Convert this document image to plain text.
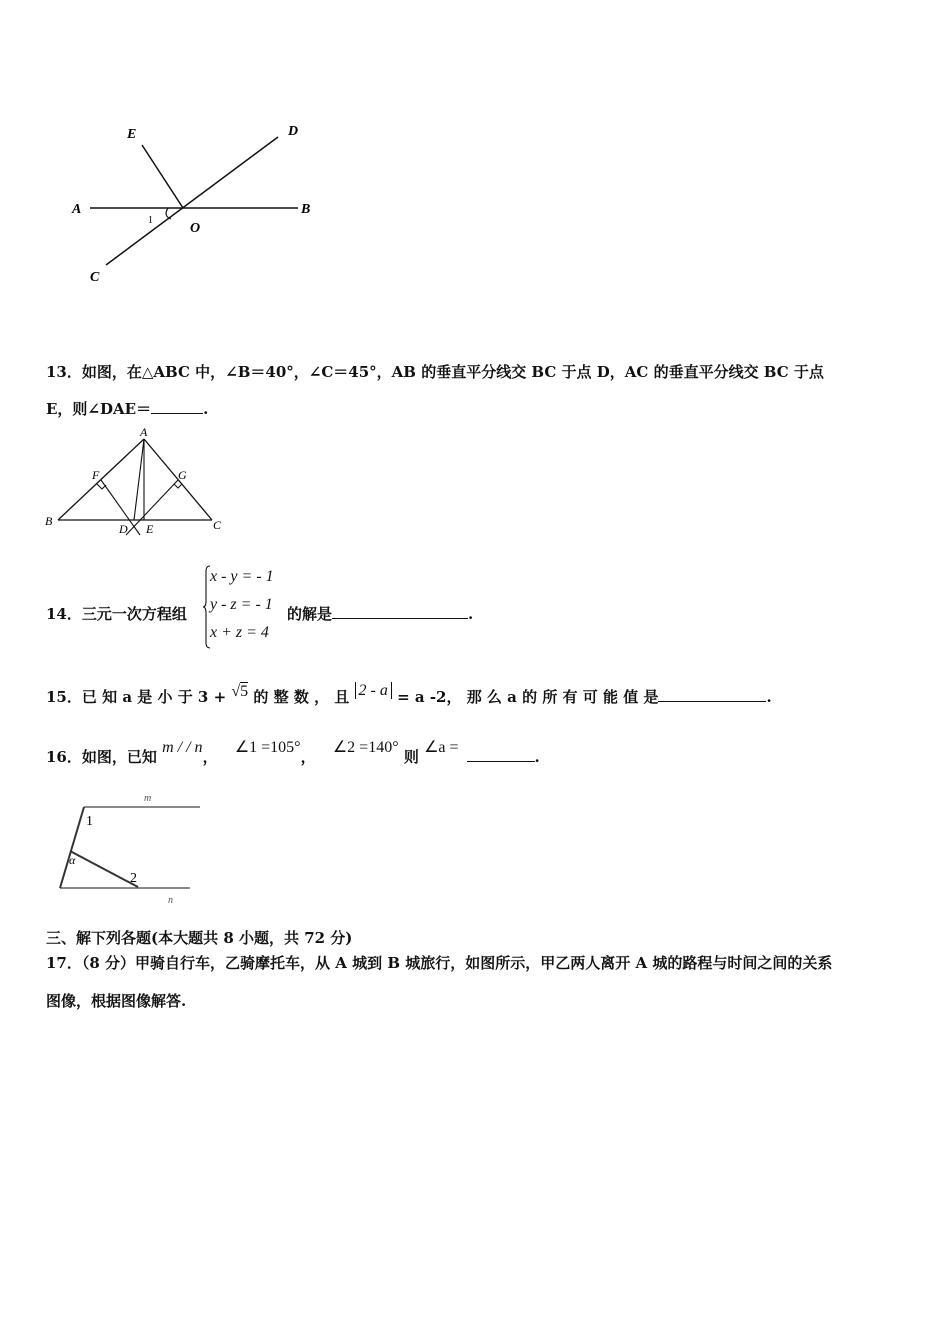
E	D
A	B
O
C
1
13．如图，在△ABC 中，∠B＝40°，∠C＝45°，AB 的垂直平分线交 BC 于点 D，AC 的垂直平分线交 BC 于点
E，则∠DAE＝	.
A
B	C
D E
F	G
14．三元一次方程组
x - y = - 1
y - z = - 1
x + z = 4
的解是	.
15．已 知 a 是 小 于 3 + √5 的 整 数 ， 且 2 - a = a -2， 那 么 a 的 所 有 可 能 值 是	.
16．如图，已知 m / / n， ∠1 =105°， ∠2 =140° 则 ∠a =.
m
n
1
2
α
三、解下列各题(本大题共 8 小题，共 72 分)
17．（8 分）甲骑自行车，乙骑摩托车，从 A 城到 B 城旅行，如图所示，甲乙两人离开 A 城的路程与时间之间的关系
图像，根据图像解答.
